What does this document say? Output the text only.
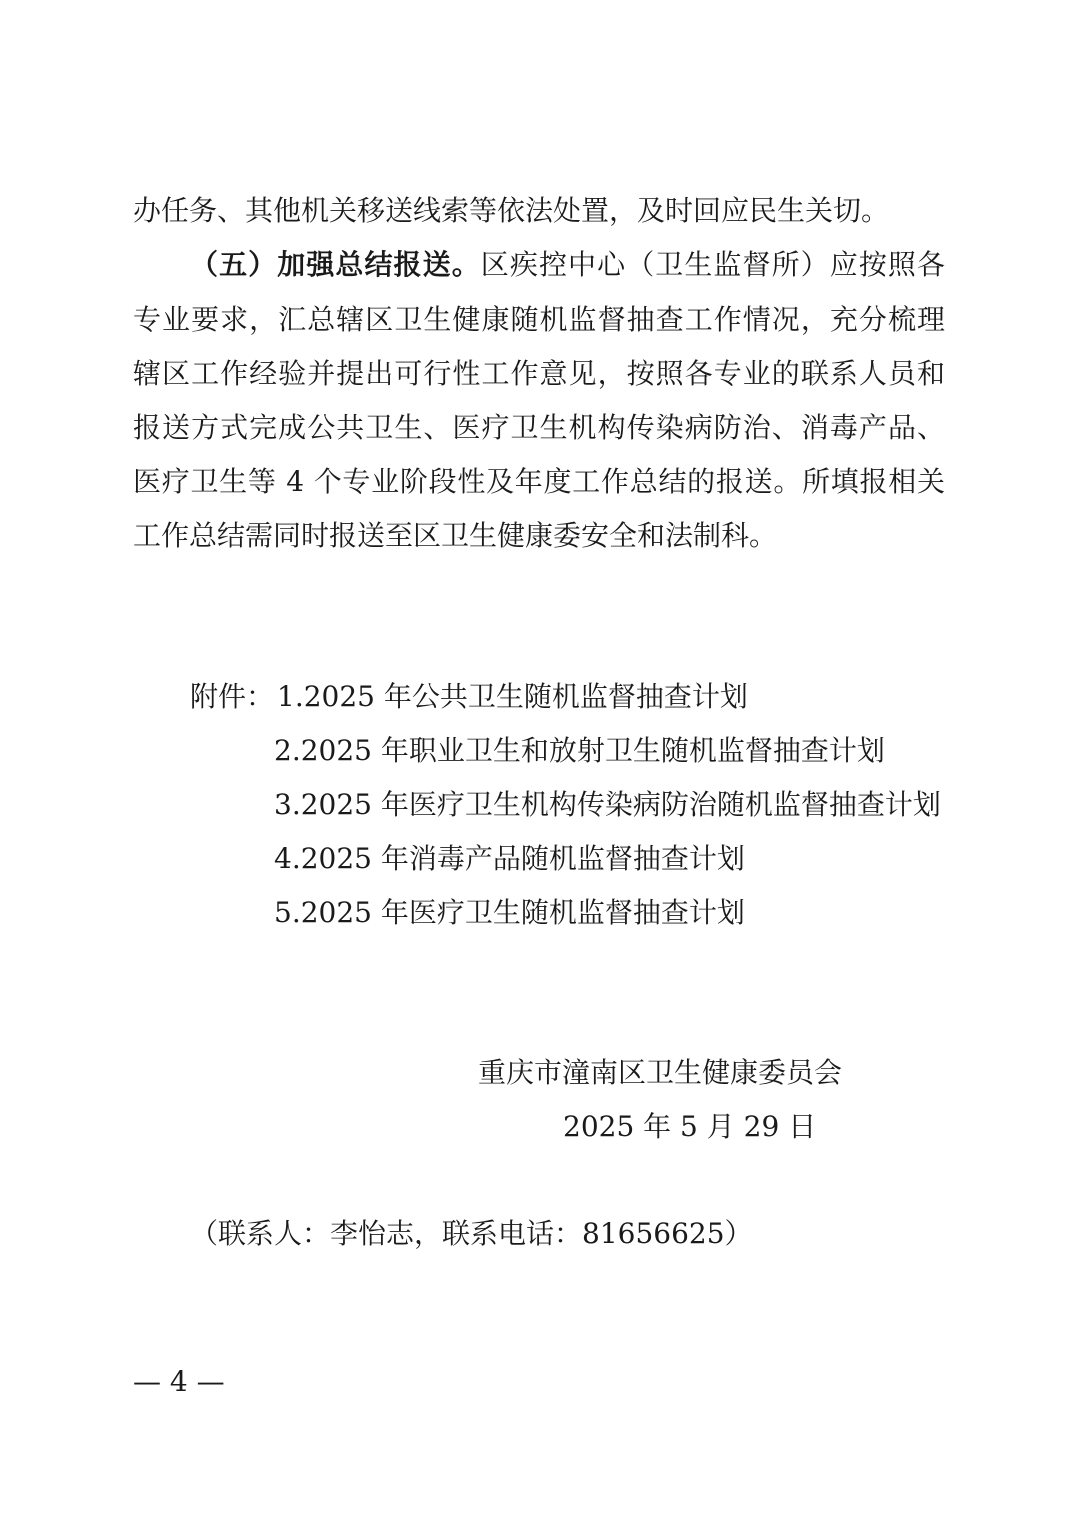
办任务、其他机关移送线索等依法处置，及时回应民生关切。
（五）加强总结报送。区疾控中心（卫生监督所）应按照各
专业要求，汇总辖区卫生健康随机监督抽查工作情况，充分梳理
辖区工作经验并提出可行性工作意见，按照各专业的联系人员和
报送方式完成公共卫生、医疗卫生机构传染病防治、消毒产品、
医疗卫生等 4 个专业阶段性及年度工作总结的报送。所填报相关
工作总结需同时报送至区卫生健康委安全和法制科。
附件： 1.2025 年公共卫生随机监督抽查计划
2.2025 年职业卫生和放射卫生随机监督抽查计划
3.2025 年医疗卫生机构传染病防治随机监督抽查计划
4.2025 年消毒产品随机监督抽查计划
5.2025 年医疗卫生随机监督抽查计划
重庆市潼南区卫生健康委员会
2025 年 5 月 29 日
（联系人：李怡志，联系电话：81656625）
— 4 —
